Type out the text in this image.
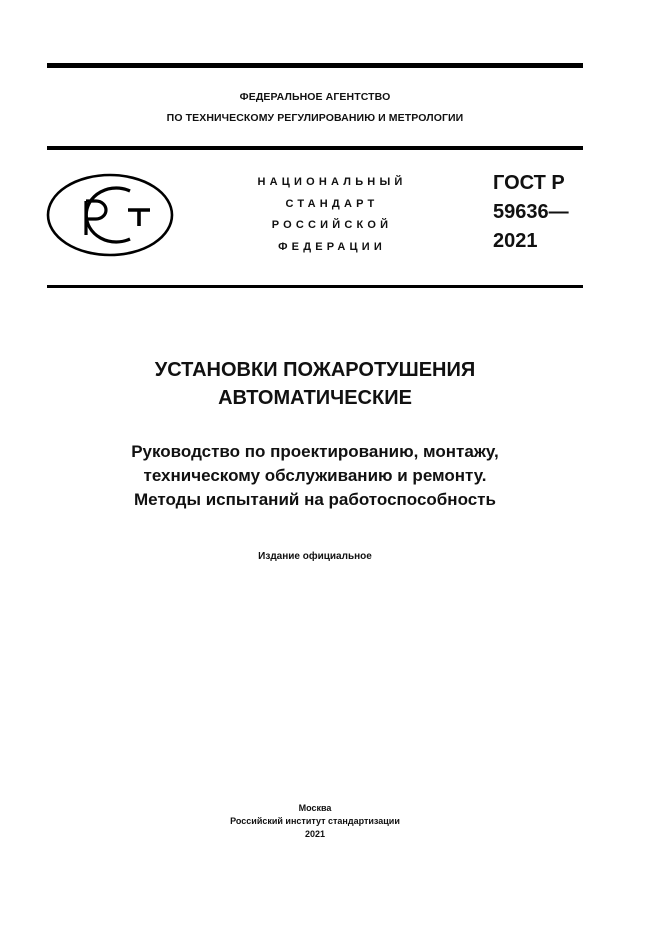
ФЕДЕРАЛЬНОЕ АГЕНТСТВО
ПО ТЕХНИЧЕСКОМУ РЕГУЛИРОВАНИЮ И МЕТРОЛОГИИ
НАЦИОНАЛЬНЫЙ
СТАНДАРТ
РОССИЙСКОЙ
ФЕДЕРАЦИИ
ГОСТ Р
59636—
2021
УСТАНОВКИ ПОЖАРОТУШЕНИЯ
АВТОМАТИЧЕСКИЕ
Руководство по проектированию, монтажу,
техническому обслуживанию и ремонту.
Методы испытаний на работоспособность
Издание официальное
Москва
Российский институт стандартизации
2021
